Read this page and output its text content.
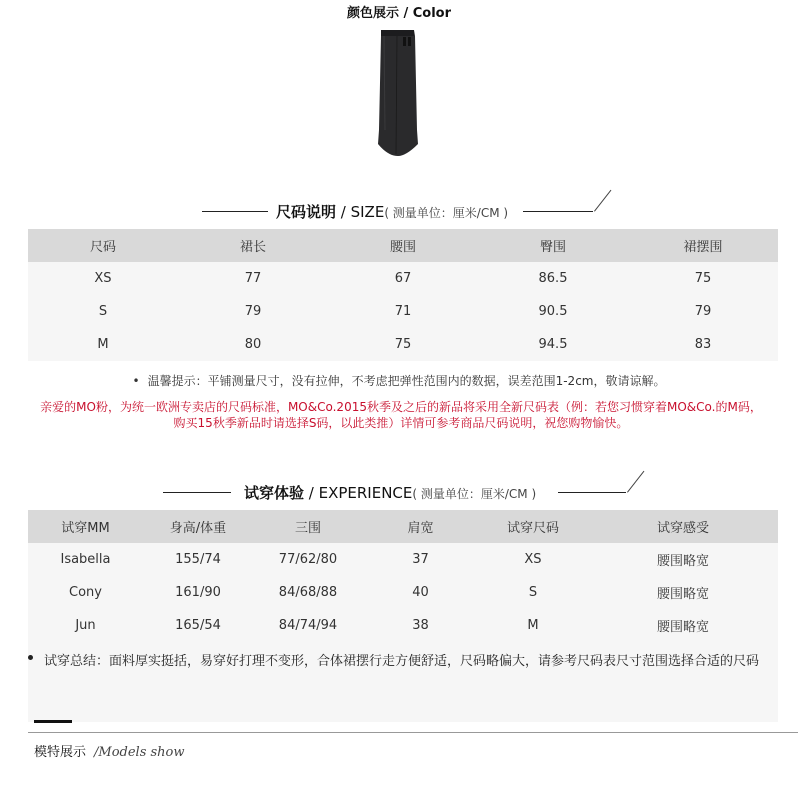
颜色展示 / Color
尺码说明 / SIZE( 测量单位：厘米/CM )
尺码	裙长	腰围	臀围	裙摆围
XS	77	67	86.5	75
S	79	71	90.5	79
M	80	75	94.5	83
• 温馨提示：平铺测量尺寸，没有拉伸，不考虑把弹性范围内的数据，误差范围1-2cm，敬请谅解。
亲爱的MO粉，为统一欧洲专卖店的尺码标准，MO&Co.2015秋季及之后的新品将采用全新尺码表（例：若您习惯穿着MO&Co.的M码，购买15秋季新品时请选择S码，以此类推）详情可参考商品尺码说明，祝您购物愉快。
试穿体验 / EXPERIENCE( 测量单位：厘米/CM )
试穿MM	身高/体重	三围	肩宽	试穿尺码	试穿感受
Isabella	155/74	77/62/80	37	XS	腰围略宽
Cony	161/90	84/68/88	40	S	腰围略宽
Jun	165/54	84/74/94	38	M	腰围略宽
试穿总结：面料厚实挺括，易穿好打理不变形，合体裙摆行走方便舒适，尺码略偏大，请参考尺码表尺寸范围选择合适的尺码
模特展示 /Models show
